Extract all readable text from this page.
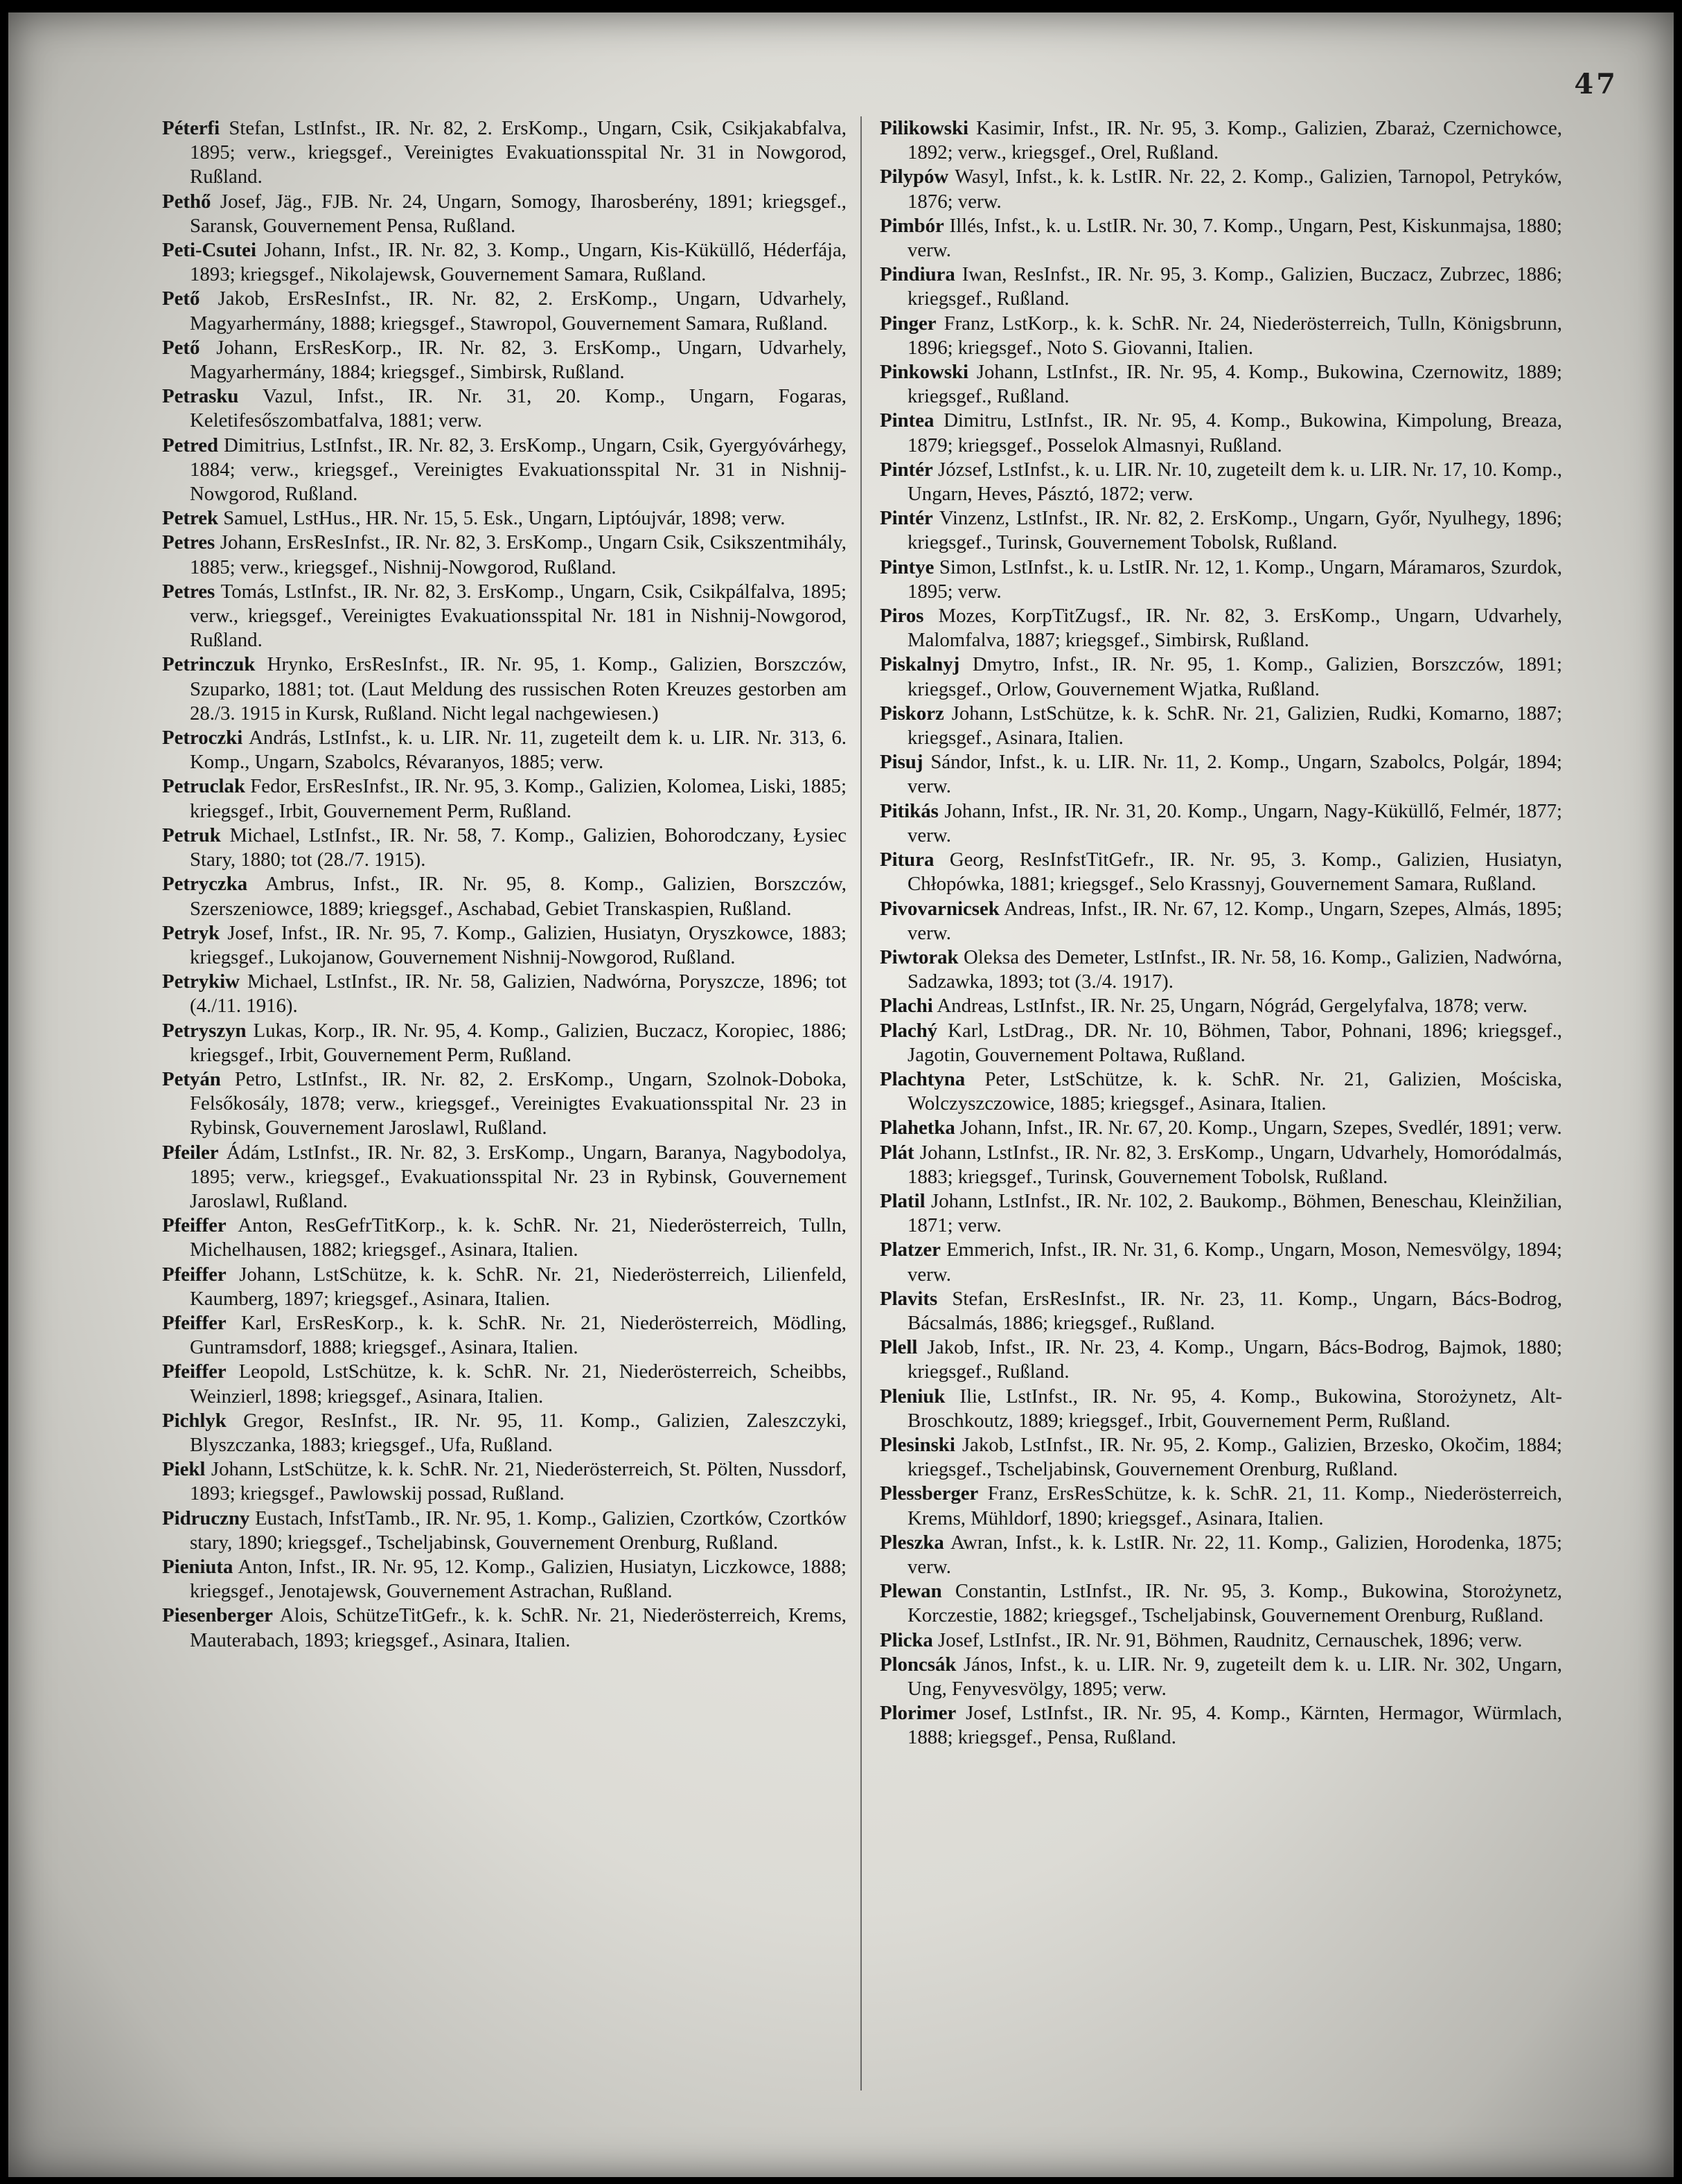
47

Péterfi Stefan, LstInfst., IR. Nr. 82, 2. ErsKomp., Ungarn, Csik, Csikjakabfalva, 1895; verw., kriegsgef., Vereinigtes Evakuationsspital Nr. 31 in Nowgorod, Rußland.

Pethő Josef, Jäg., FJB. Nr. 24, Ungarn, Somogy, Iharosberény, 1891; kriegsgef., Saransk, Gouvernement Pensa, Rußland.

Peti-Csutei Johann, Infst., IR. Nr. 82, 3. Komp., Ungarn, Kis-Küküllő, Héderfája, 1893; kriegsgef., Nikolajewsk, Gouvernement Samara, Rußland.

Pető Jakob, ErsResInfst., IR. Nr. 82, 2. ErsKomp., Ungarn, Udvarhely, Magyarhermány, 1888; kriegsgef., Stawropol, Gouvernement Samara, Rußland.

Pető Johann, ErsResKorp., IR. Nr. 82, 3. ErsKomp., Ungarn, Udvarhely, Magyarhermány, 1884; kriegsgef., Simbirsk, Rußland.

Petrasku Vazul, Infst., IR. Nr. 31, 20. Komp., Ungarn, Fogaras, Keletifesőszombatfalva, 1881; verw.

Petred Dimitrius, LstInfst., IR. Nr. 82, 3. ErsKomp., Ungarn, Csik, Gyergyóvárhegy, 1884; verw., kriegsgef., Vereinigtes Evakuationsspital Nr. 31 in Nishnij-Nowgorod, Rußland.

Petrek Samuel, LstHus., HR. Nr. 15, 5. Esk., Ungarn, Liptóujvár, 1898; verw.

Petres Johann, ErsResInfst., IR. Nr. 82, 3. ErsKomp., Ungarn Csik, Csikszentmihály, 1885; verw., kriegsgef., Nishnij-Nowgorod, Rußland.

Petres Tomás, LstInfst., IR. Nr. 82, 3. ErsKomp., Ungarn, Csik, Csikpálfalva, 1895; verw., kriegsgef., Vereinigtes Evakuationsspital Nr. 181 in Nishnij-Nowgorod, Rußland.

Petrinczuk Hrynko, ErsResInfst., IR. Nr. 95, 1. Komp., Galizien, Borszczów, Szuparko, 1881; tot. (Laut Meldung des russischen Roten Kreuzes gestorben am 28./3. 1915 in Kursk, Rußland. Nicht legal nachgewiesen.)

Petroczki András, LstInfst., k. u. LIR. Nr. 11, zugeteilt dem k. u. LIR. Nr. 313, 6. Komp., Ungarn, Szabolcs, Révaranyos, 1885; verw.

Petruclak Fedor, ErsResInfst., IR. Nr. 95, 3. Komp., Galizien, Kolomea, Liski, 1885; kriegsgef., Irbit, Gouvernement Perm, Rußland.

Petruk Michael, LstInfst., IR. Nr. 58, 7. Komp., Galizien, Bohorodczany, Łysiec Stary, 1880; tot (28./7. 1915).

Petryczka Ambrus, Infst., IR. Nr. 95, 8. Komp., Galizien, Borszczów, Szerszeniowce, 1889; kriegsgef., Aschabad, Gebiet Transkaspien, Rußland.

Petryk Josef, Infst., IR. Nr. 95, 7. Komp., Galizien, Husiatyn, Oryszkowce, 1883; kriegsgef., Lukojanow, Gouvernement Nishnij-Nowgorod, Rußland.

Petrykiw Michael, LstInfst., IR. Nr. 58, Galizien, Nadwórna, Poryszcze, 1896; tot (4./11. 1916).

Petryszyn Lukas, Korp., IR. Nr. 95, 4. Komp., Galizien, Buczacz, Koropiec, 1886; kriegsgef., Irbit, Gouvernement Perm, Rußland.

Petyán Petro, LstInfst., IR. Nr. 82, 2. ErsKomp., Ungarn, Szolnok-Doboka, Felsőkosály, 1878; verw., kriegsgef., Vereinigtes Evakuationsspital Nr. 23 in Rybinsk, Gouvernement Jaroslawl, Rußland.

Pfeiler Ádám, LstInfst., IR. Nr. 82, 3. ErsKomp., Ungarn, Baranya, Nagybodolya, 1895; verw., kriegsgef., Evakuationsspital Nr. 23 in Rybinsk, Gouvernement Jaroslawl, Rußland.

Pfeiffer Anton, ResGefrTitKorp., k. k. SchR. Nr. 21, Niederösterreich, Tulln, Michelhausen, 1882; kriegsgef., Asinara, Italien.

Pfeiffer Johann, LstSchütze, k. k. SchR. Nr. 21, Niederösterreich, Lilienfeld, Kaumberg, 1897; kriegsgef., Asinara, Italien.

Pfeiffer Karl, ErsResKorp., k. k. SchR. Nr. 21, Niederösterreich, Mödling, Guntramsdorf, 1888; kriegsgef., Asinara, Italien.

Pfeiffer Leopold, LstSchütze, k. k. SchR. Nr. 21, Niederösterreich, Scheibbs, Weinzierl, 1898; kriegsgef., Asinara, Italien.

Pichlyk Gregor, ResInfst., IR. Nr. 95, 11. Komp., Galizien, Zaleszczyki, Blyszczanka, 1883; kriegsgef., Ufa, Rußland.

Piekl Johann, LstSchütze, k. k. SchR. Nr. 21, Niederösterreich, St. Pölten, Nussdorf, 1893; kriegsgef., Pawlowskij possad, Rußland.

Pidruczny Eustach, InfstTamb., IR. Nr. 95, 1. Komp., Galizien, Czortków, Czortków stary, 1890; kriegsgef., Tscheljabinsk, Gouvernement Orenburg, Rußland.

Pieniuta Anton, Infst., IR. Nr. 95, 12. Komp., Galizien, Husiatyn, Liczkowce, 1888; kriegsgef., Jenotajewsk, Gouvernement Astrachan, Rußland.

Piesenberger Alois, SchützeTitGefr., k. k. SchR. Nr. 21, Niederösterreich, Krems, Mauterabach, 1893; kriegsgef., Asinara, Italien.

Pilikowski Kasimir, Infst., IR. Nr. 95, 3. Komp., Galizien, Zbaraż, Czernichowce, 1892; verw., kriegsgef., Orel, Rußland.

Pilypów Wasyl, Infst., k. k. LstIR. Nr. 22, 2. Komp., Galizien, Tarnopol, Petryków, 1876; verw.

Pimbór Illés, Infst., k. u. LstIR. Nr. 30, 7. Komp., Ungarn, Pest, Kiskunmajsa, 1880; verw.

Pindiura Iwan, ResInfst., IR. Nr. 95, 3. Komp., Galizien, Buczacz, Zubrzec, 1886; kriegsgef., Rußland.

Pinger Franz, LstKorp., k. k. SchR. Nr. 24, Niederösterreich, Tulln, Königsbrunn, 1896; kriegsgef., Noto S. Giovanni, Italien.

Pinkowski Johann, LstInfst., IR. Nr. 95, 4. Komp., Bukowina, Czernowitz, 1889; kriegsgef., Rußland.

Pintea Dimitru, LstInfst., IR. Nr. 95, 4. Komp., Bukowina, Kimpolung, Breaza, 1879; kriegsgef., Posselok Almasnyi, Rußland.

Pintér József, LstInfst., k. u. LIR. Nr. 10, zugeteilt dem k. u. LIR. Nr. 17, 10. Komp., Ungarn, Heves, Pásztó, 1872; verw.

Pintér Vinzenz, LstInfst., IR. Nr. 82, 2. ErsKomp., Ungarn, Győr, Nyulhegy, 1896; kriegsgef., Turinsk, Gouvernement Tobolsk, Rußland.

Pintye Simon, LstInfst., k. u. LstIR. Nr. 12, 1. Komp., Ungarn, Máramaros, Szurdok, 1895; verw.

Piros Mozes, KorpTitZugsf., IR. Nr. 82, 3. ErsKomp., Ungarn, Udvarhely, Malomfalva, 1887; kriegsgef., Simbirsk, Rußland.

Piskalnyj Dmytro, Infst., IR. Nr. 95, 1. Komp., Galizien, Borszczów, 1891; kriegsgef., Orlow, Gouvernement Wjatka, Rußland.

Piskorz Johann, LstSchütze, k. k. SchR. Nr. 21, Galizien, Rudki, Komarno, 1887; kriegsgef., Asinara, Italien.

Pisuj Sándor, Infst., k. u. LIR. Nr. 11, 2. Komp., Ungarn, Szabolcs, Polgár, 1894; verw.

Pitikás Johann, Infst., IR. Nr. 31, 20. Komp., Ungarn, Nagy-Küküllő, Felmér, 1877; verw.

Pitura Georg, ResInfstTitGefr., IR. Nr. 95, 3. Komp., Galizien, Husiatyn, Chłopówka, 1881; kriegsgef., Selo Krassnyj, Gouvernement Samara, Rußland.

Pivovarnicsek Andreas, Infst., IR. Nr. 67, 12. Komp., Ungarn, Szepes, Almás, 1895; verw.

Piwtorak Oleksa des Demeter, LstInfst., IR. Nr. 58, 16. Komp., Galizien, Nadwórna, Sadzawka, 1893; tot (3./4. 1917).

Plachi Andreas, LstInfst., IR. Nr. 25, Ungarn, Nógrád, Gergelyfalva, 1878; verw.

Plachý Karl, LstDrag., DR. Nr. 10, Böhmen, Tabor, Pohnani, 1896; kriegsgef., Jagotin, Gouvernement Poltawa, Rußland.

Plachtyna Peter, LstSchütze, k. k. SchR. Nr. 21, Galizien, Mościska, Wolczyszczowice, 1885; kriegsgef., Asinara, Italien.

Plahetka Johann, Infst., IR. Nr. 67, 20. Komp., Ungarn, Szepes, Svedlér, 1891; verw.

Plát Johann, LstInfst., IR. Nr. 82, 3. ErsKomp., Ungarn, Udvarhely, Homoródalmás, 1883; kriegsgef., Turinsk, Gouvernement Tobolsk, Rußland.

Platil Johann, LstInfst., IR. Nr. 102, 2. Baukomp., Böhmen, Beneschau, Kleinžilian, 1871; verw.

Platzer Emmerich, Infst., IR. Nr. 31, 6. Komp., Ungarn, Moson, Nemesvölgy, 1894; verw.

Plavits Stefan, ErsResInfst., IR. Nr. 23, 11. Komp., Ungarn, Bács-Bodrog, Bácsalmás, 1886; kriegsgef., Rußland.

Plell Jakob, Infst., IR. Nr. 23, 4. Komp., Ungarn, Bács-Bodrog, Bajmok, 1880; kriegsgef., Rußland.

Pleniuk Ilie, LstInfst., IR. Nr. 95, 4. Komp., Bukowina, Storożynetz, Alt-Broschkoutz, 1889; kriegsgef., Irbit, Gouvernement Perm, Rußland.

Plesinski Jakob, LstInfst., IR. Nr. 95, 2. Komp., Galizien, Brzesko, Okočim, 1884; kriegsgef., Tscheljabinsk, Gouvernement Orenburg, Rußland.

Plessberger Franz, ErsResSchütze, k. k. SchR. 21, 11. Komp., Niederösterreich, Krems, Mühldorf, 1890; kriegsgef., Asinara, Italien.

Pleszka Awran, Infst., k. k. LstIR. Nr. 22, 11. Komp., Galizien, Horodenka, 1875; verw.

Plewan Constantin, LstInfst., IR. Nr. 95, 3. Komp., Bukowina, Storożynetz, Korczestie, 1882; kriegsgef., Tscheljabinsk, Gouvernement Orenburg, Rußland.

Plicka Josef, LstInfst., IR. Nr. 91, Böhmen, Raudnitz, Cernauschek, 1896; verw.

Ploncsák János, Infst., k. u. LIR. Nr. 9, zugeteilt dem k. u. LIR. Nr. 302, Ungarn, Ung, Fenyvesvölgy, 1895; verw.

Plorimer Josef, LstInfst., IR. Nr. 95, 4. Komp., Kärnten, Hermagor, Würmlach, 1888; kriegsgef., Pensa, Rußland.
